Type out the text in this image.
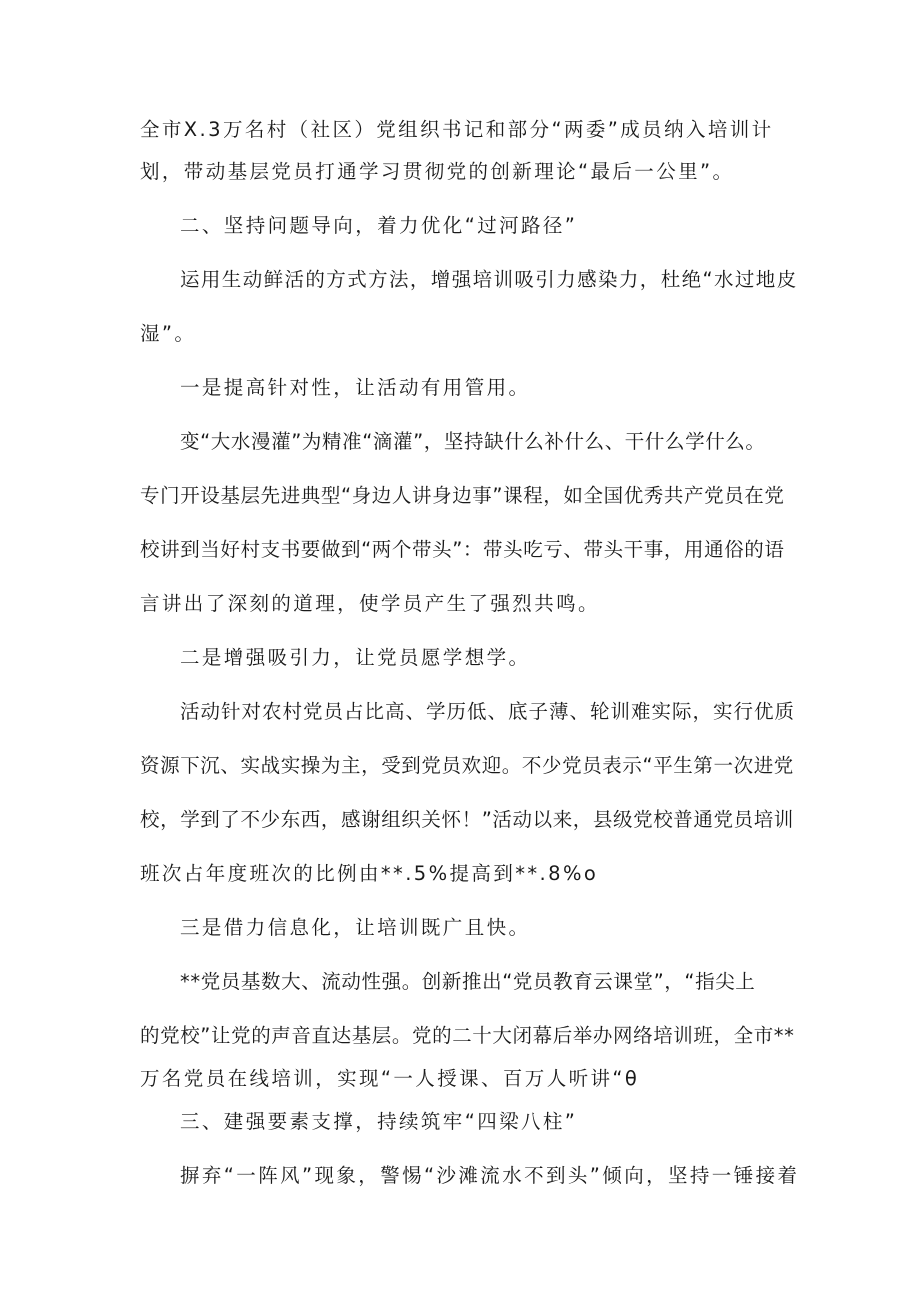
全市X.3万名村（社区）党组织书记和部分“两委”成员纳入培训计
划，带动基层党员打通学习贯彻党的创新理论“最后一公里”。
二、坚持问题导向，着力优化“过河路径”
运用生动鲜活的方式方法，增强培训吸引力感染力，杜绝“水过地皮
湿”。
一是提高针对性，让活动有用管用。
变“大水漫灌”为精准“滴灌”，坚持缺什么补什么、干什么学什么。
专门开设基层先进典型“身边人讲身边事”课程，如全国优秀共产党员在党
校讲到当好村支书要做到“两个带头”：带头吃亏、带头干事，用通俗的语
言讲出了深刻的道理，使学员产生了强烈共鸣。
二是增强吸引力，让党员愿学想学。
活动针对农村党员占比高、学历低、底子薄、轮训难实际，实行优质
资源下沉、实战实操为主，受到党员欢迎。不少党员表示“平生第一次进党
校，学到了不少东西，感谢组织关怀！”活动以来，县级党校普通党员培训
班次占年度班次的比例由**.5%提高到**.8%o
三是借力信息化，让培训既广且快。
**党员基数大、流动性强。创新推出“党员教育云课堂”，“指尖上
的党校”让党的声音直达基层。党的二十大闭幕后举办网络培训班，全市**
万名党员在线培训，实现“一人授课、百万人听讲“θ
三、建强要素支撑，持续筑牢“四梁八柱”
摒弃“一阵风”现象，警惕“沙滩流水不到头”倾向，坚持一锤接着
